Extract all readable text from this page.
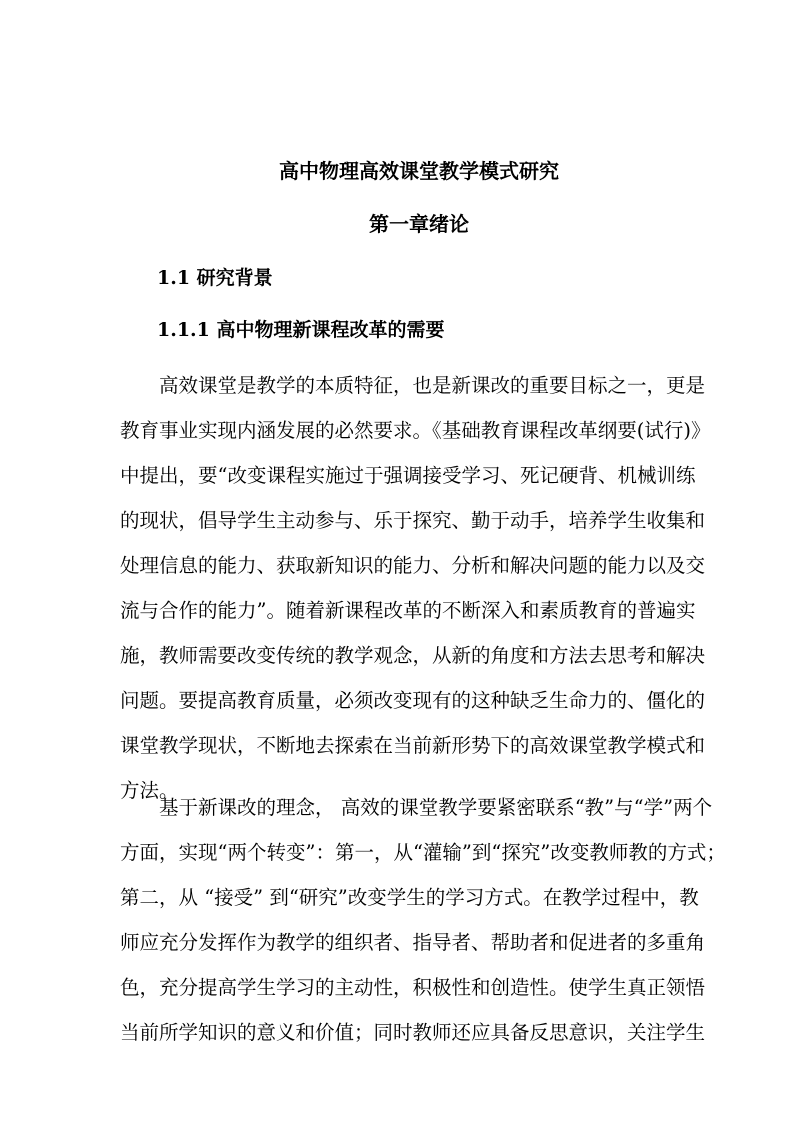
高中物理高效课堂教学模式研究
第一章绪论
1.1 研究背景
1.1.1 高中物理新课程改革的需要
高效课堂是教学的本质特征，也是新课改的重要目标之一，更是
教育事业实现内涵发展的必然要求。《基础教育课程改革纲要(试行)》
中提出，要“改变课程实施过于强调接受学习、死记硬背、机械训练
的现状，倡导学生主动参与、乐于探究、勤于动手，培养学生收集和
处理信息的能力、获取新知识的能力、分析和解决问题的能力以及交
流与合作的能力”。随着新课程改革的不断深入和素质教育的普遍实
施，教师需要改变传统的教学观念，从新的角度和方法去思考和解决
问题。要提高教育质量，必须改变现有的这种缺乏生命力的、僵化的
课堂教学现状，不断地去探索在当前新形势下的高效课堂教学模式和
方法。
基于新课改的理念， 高效的课堂教学要紧密联系“教”与“学”两个
方面，实现“两个转变”：第一，从“灌输”到“探究”改变教师教的方式；
第二，从 “接受” 到“研究”改变学生的学习方式。在教学过程中，教
师应充分发挥作为教学的组织者、指导者、帮助者和促进者的多重角
色，充分提高学生学习的主动性，积极性和创造性。使学生真正领悟
当前所学知识的意义和价值；同时教师还应具备反思意识，关注学生
